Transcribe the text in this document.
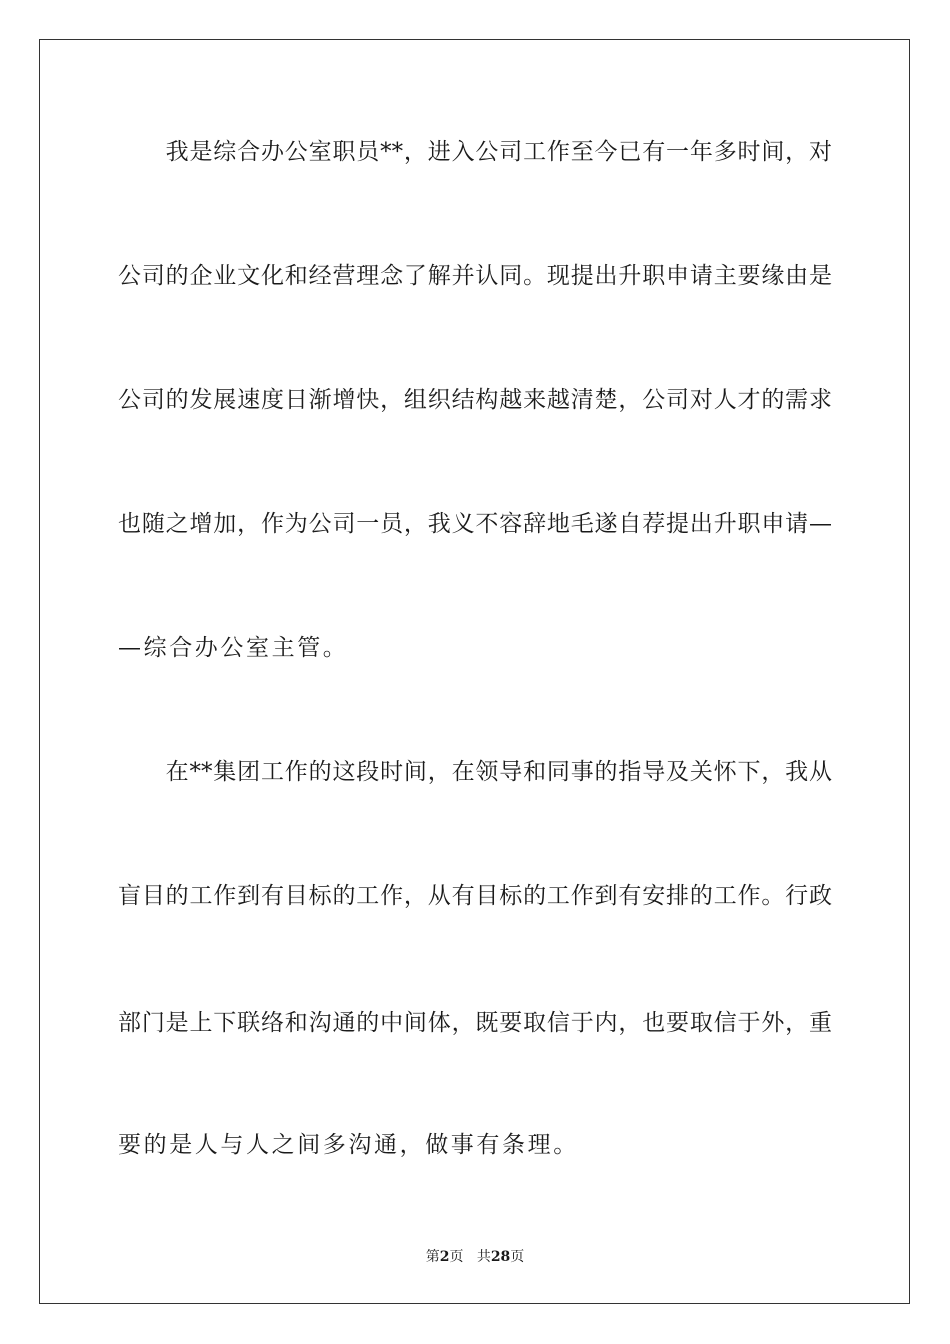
　　我是综合办公室职员**，进入公司工作至今已有一年多时间，对
公司的企业文化和经营理念了解并认同。现提出升职申请主要缘由是
公司的发展速度日渐增快，组织结构越来越清楚，公司对人才的需求
也随之增加，作为公司一员，我义不容辞地毛遂自荐提出升职申请—
—综合办公室主管。
　　在**集团工作的这段时间，在领导和同事的指导及关怀下，我从
盲目的工作到有目标的工作，从有目标的工作到有安排的工作。行政
部门是上下联络和沟通的中间体，既要取信于内，也要取信于外，重
要的是人与人之间多沟通，做事有条理。
第2页 共28页
